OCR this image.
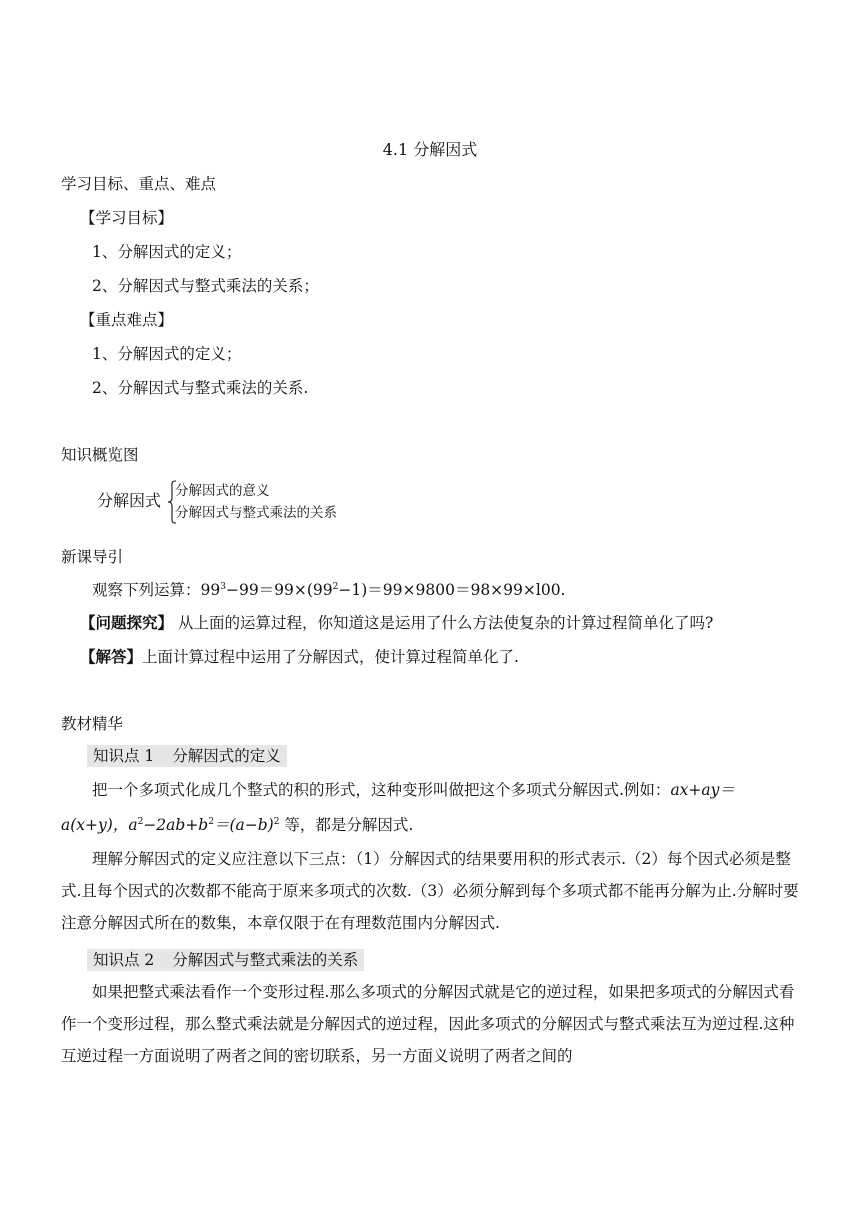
4.1 分解因式
学习目标、重点、难点
【学习目标】
1、分解因式的定义；
2、分解因式与整式乘法的关系；
【重点难点】
1、分解因式的定义；
2、分解因式与整式乘法的关系.
知识概览图
分解因式 分解因式的意义
分解因式与整式乘法的关系
新课导引
观察下列运算：$99^3-99=99\times(99^2-1)=99\times 9800=98\times 99\times l00$.
【问题探究】 从上面的运算过程，你知道这是运用了什么方法使复杂的计算过程简单化了吗?
【解答】上面计算过程中运用了分解因式，使计算过程简单化了.
教材精华
知识点 1 分解因式的定义
把一个多项式化成几个整式的积的形式，这种变形叫做把这个多项式分解因式.例如：ax+ay＝
a(x+y)，$a^2-2ab+b^2=(a-b)^2$ 等，都是分解因式.
理解分解因式的定义应注意以下三点：（1）分解因式的结果要用积的形式表示.（2）每个因式必须是整式.且每个因式的次数都不能高于原来多项式的次数.（3）必须分解到每个多项式都不能再分解为止.分解时要注意分解因式所在的数集，本章仅限于在有理数范围内分解因式.
知识点 2 分解因式与整式乘法的关系
如果把整式乘法看作一个变形过程.那么多项式的分解因式就是它的逆过程，如果把多项式的分解因式看作一个变形过程，那么整式乘法就是分解因式的逆过程，因此多项式的分解因式与整式乘法互为逆过程.这种互逆过程一方面说明了两者之间的密切联系，另一方面义说明了两者之间的
